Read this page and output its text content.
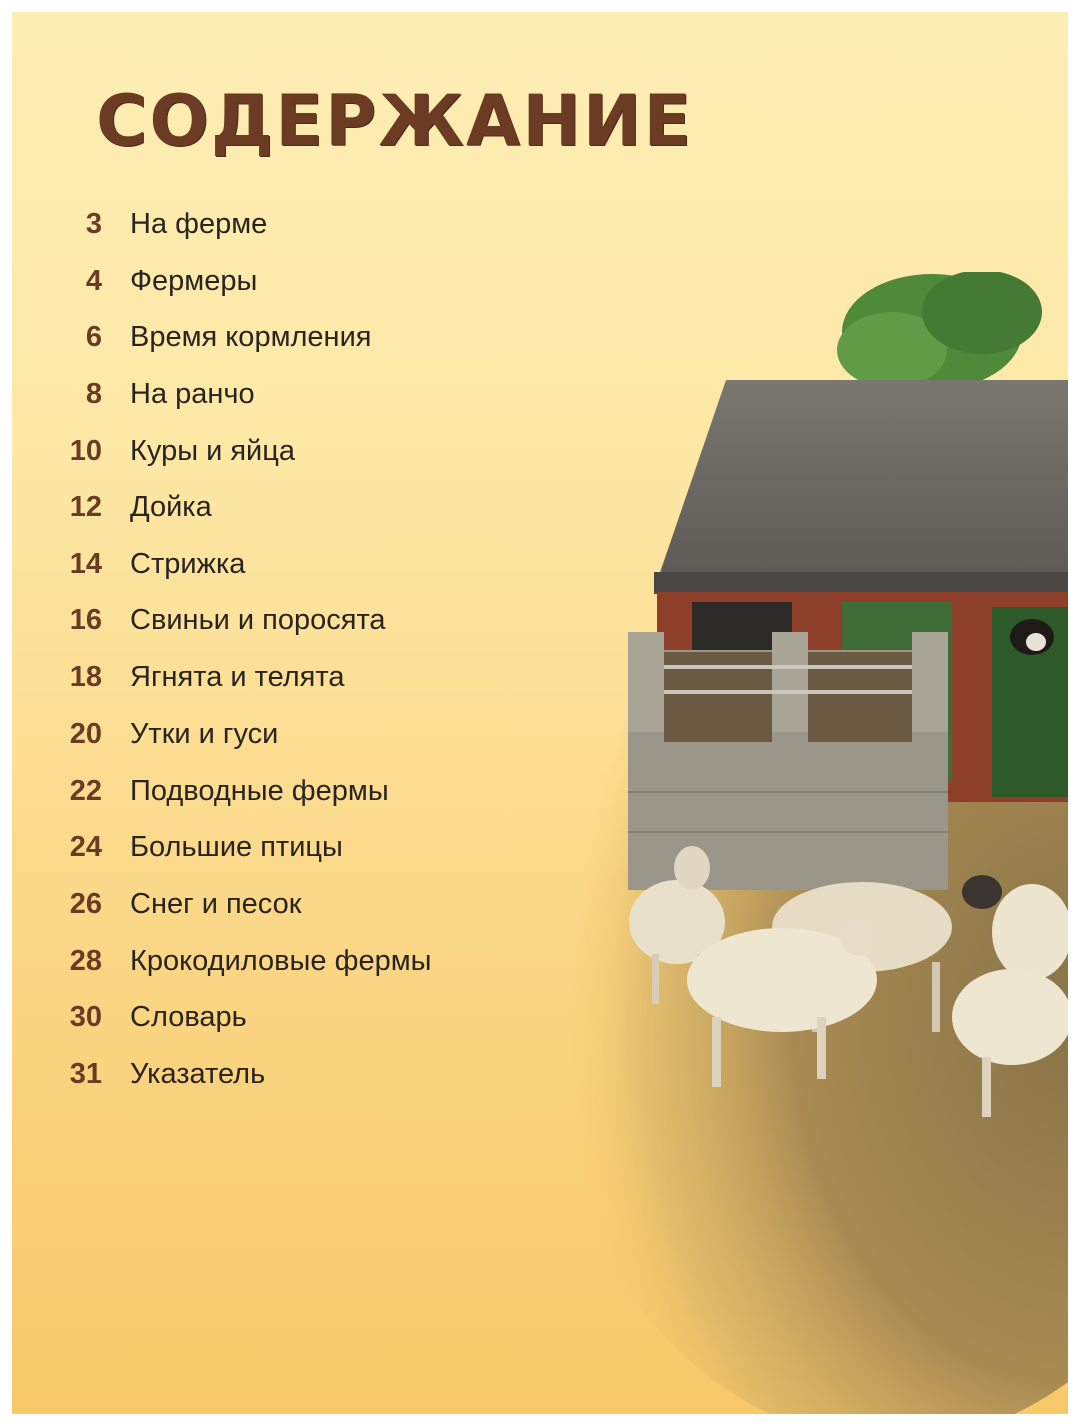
СОДЕРЖАНИЕ
3 На ферме
4 Фермеры
6 Время кормления
8 На ранчо
10 Куры и яйца
12 Дойка
14 Стрижка
16 Свиньи и поросята
18 Ягнята и телята
20 Утки и гуси
22 Подводные фермы
24 Большие птицы
26 Снег и песок
28 Крокодиловые фермы
30 Словарь
31 Указатель
